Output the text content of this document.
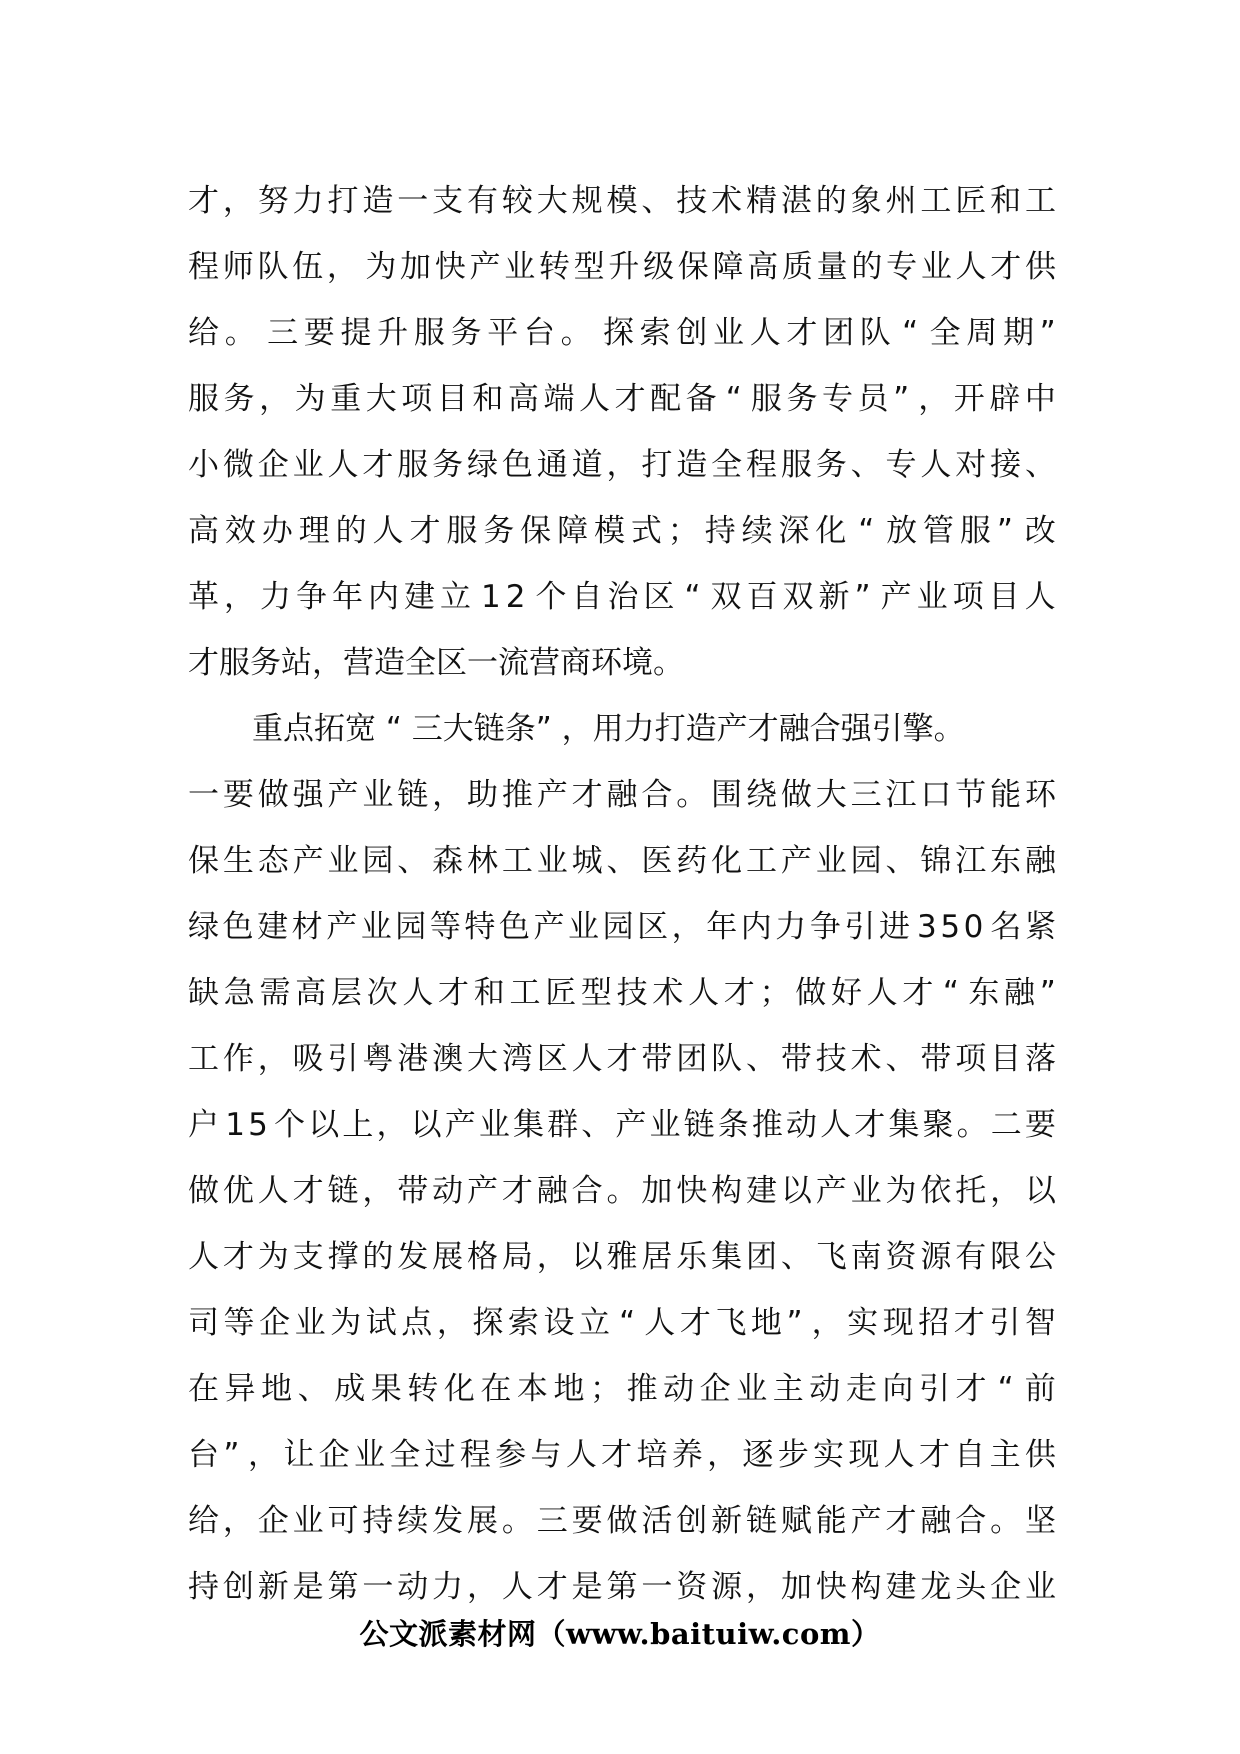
才 ， 努 力 打 造 一 支 有 较 大 规 模 、 技 术 精 湛 的 象 州 工 匠 和 工
程 师 队 伍 ， 为 加 快 产 业 转 型 升 级 保 障 高 质 量 的 专 业 人 才 供
给 。 三 要 提 升 服 务 平 台 。 探 索 创 业 人 才 团 队 “ 全 周 期 ”
服 务 ， 为 重 大 项 目 和 高 端 人 才 配 备 “ 服 务 专 员 ” ， 开 辟 中
小 微 企 业 人 才 服 务 绿 色 通 道 ， 打 造 全 程 服 务 、 专 人 对 接 、
高 效 办 理 的 人 才 服 务 保 障 模 式 ； 持 续 深 化 “ 放 管 服 ” 改
革 ， 力 争 年 内 建 立 1 2 个 自 治 区 “ 双 百 双 新 ” 产 业 项 目 人
才服务站，营造全区一流营商环境。
重点拓宽 “ 三大链条” ，用力打造产才融合强引擎。
一 要 做 强 产 业 链 ， 助 推 产 才 融 合 。 围 绕 做 大 三 江 口 节 能 环
保 生 态 产 业 园 、 森 林 工 业 城 、 医 药 化 工 产 业 园 、 锦 江 东 融
绿 色 建 材 产 业 园 等 特 色 产 业 园 区 ， 年 内 力 争 引 进 3 5 0 名 紧
缺 急 需 高 层 次 人 才 和 工 匠 型 技 术 人 才 ； 做 好 人 才 “ 东 融 ”
工 作 ， 吸 引 粤 港 澳 大 湾 区 人 才 带 团 队 、 带 技 术 、 带 项 目 落
户 1 5 个 以 上 ， 以 产 业 集 群 、 产 业 链 条 推 动 人 才 集 聚 。 二 要
做 优 人 才 链 ， 带 动 产 才 融 合 。 加 快 构 建 以 产 业 为 依 托 ， 以
人 才 为 支 撑 的 发 展 格 局 ， 以 雅 居 乐 集 团 、 飞 南 资 源 有 限 公
司 等 企 业 为 试 点 ， 探 索 设 立 “ 人 才 飞 地 ” ， 实 现 招 才 引 智
在 异 地 、 成 果 转 化 在 本 地 ； 推 动 企 业 主 动 走 向 引 才 “ 前
台 ” ， 让 企 业 全 过 程 参 与 人 才 培 养 ， 逐 步 实 现 人 才 自 主 供
给 ， 企 业 可 持 续 发 展 。 三 要 做 活 创 新 链 赋 能 产 才 融 合 。 坚
持 创 新 是 第 一 动 力 ， 人 才 是 第 一 资 源 ， 加 快 构 建 龙 头 企 业
公文派素材网（www.baituiw.com）
